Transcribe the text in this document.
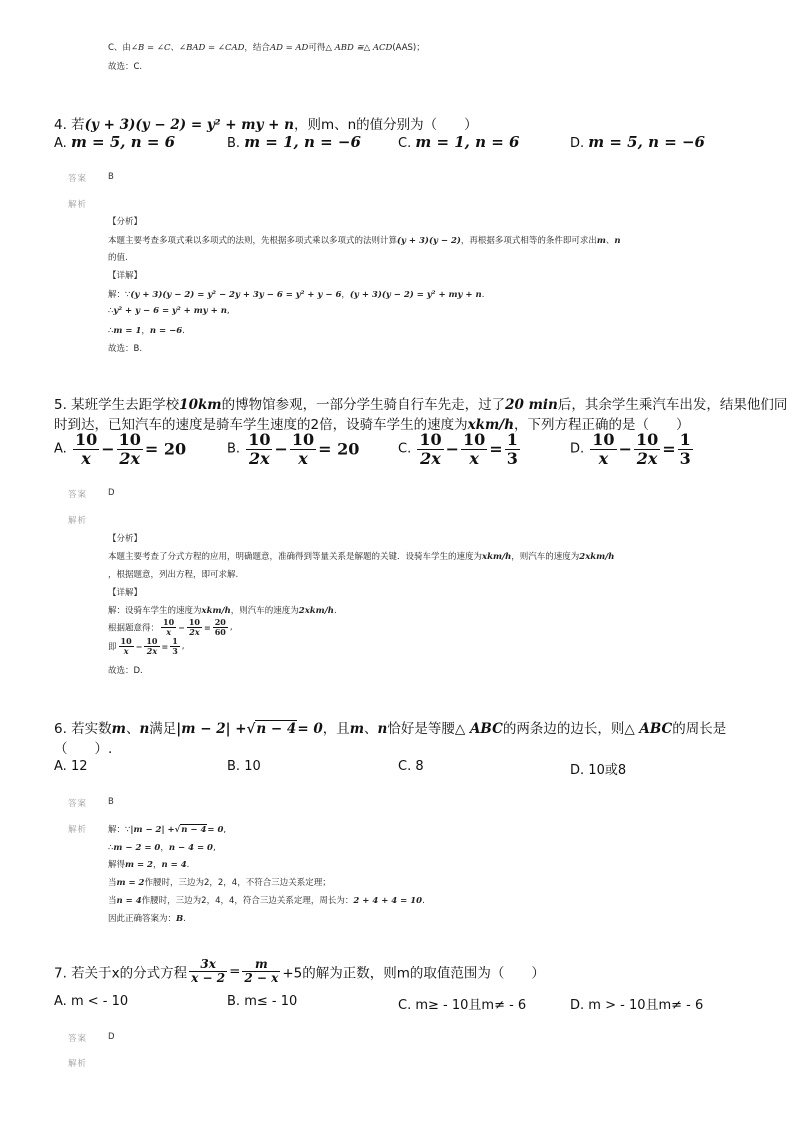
C、由∠B = ∠C、∠BAD = ∠CAD，结合AD = AD可得△ ABD ≅△ ACD(AAS)；
故选：C.
4. 若(y + 3)(y − 2) = y² + my + n，则m、n的值分别为（　　）
A. m = 5, n = 6	B. m = 1, n = −6	C. m = 1, n = 6	D. m = 5, n = −6
答案 B
解析
【分析】
本题主要考查多项式乘以多项式的法则，先根据多项式乘以多项式的法则计算(y + 3)(y − 2)，再根据多项式相等的条件即可求出m、n
的值.
【详解】
解：∵(y + 3)(y − 2) = y² − 2y + 3y − 6 = y² + y − 6，(y + 3)(y − 2) = y² + my + n.
∴y² + y − 6 = y² + my + n,
∴m = 1，n = −6.
故选：B.
5. 某班学生去距学校10km的博物馆参观，一部分学生骑自行车先走，过了20 min后，其余学生乘汽车出发，结果他们同
时到达，已知汽车的速度是骑车学生速度的2倍，设骑车学生的速度为xkm/h，下列方程正确的是（　　）
A. $\frac{10}{x} - \frac{10}{2x} = 20$	B. $\frac{10}{2x} - \frac{10}{x} = 20$	C. $\frac{10}{2x} - \frac{10}{x} = \frac{1}{3}$	D. $\frac{10}{x} - \frac{10}{2x} = \frac{1}{3}$
答案 D
解析
【分析】
本题主要考查了分式方程的应用，明确题意，准确得到等量关系是解题的关键．设骑车学生的速度为xkm/h，则汽车的速度为2xkm/h
，根据题意，列出方程，即可求解.
【详解】
解：设骑车学生的速度为xkm/h，则汽车的速度为2xkm/h.
根据题意得： $\frac{10}{x} - \frac{10}{2x} = \frac{20}{60}$ ,
即 $\frac{10}{x} - \frac{10}{2x} = \frac{1}{3}$ ,
故选：D.
6. 若实数m、n满足|m − 2| +√n − 4= 0，且m、n恰好是等腰△ ABC的两条边的边长，则△ ABC的周长是
（　　）.
A. 12	B. 10	C. 8	D. 10或8
答案 B
解析 解：∵|m − 2| +√n − 4= 0,
∴m − 2 = 0，n − 4 = 0,
解得m = 2，n = 4.
当m = 2作腰时，三边为2，2，4，不符合三边关系定理；
当n = 4作腰时，三边为2，4，4，符合三边关系定理，周长为：2 + 4 + 4 = 10.
因此正确答案为：B.
7. 若关于x的分式方程 $\frac{3x}{x - 2} = \frac{m}{2 - x} +5$的解为正数，则m的取值范围为（　　）
A. m < - 10	B. m≤ - 10	C. m≥ - 10且m≠ - 6	D. m > - 10且m≠ - 6
答案 D
解析
